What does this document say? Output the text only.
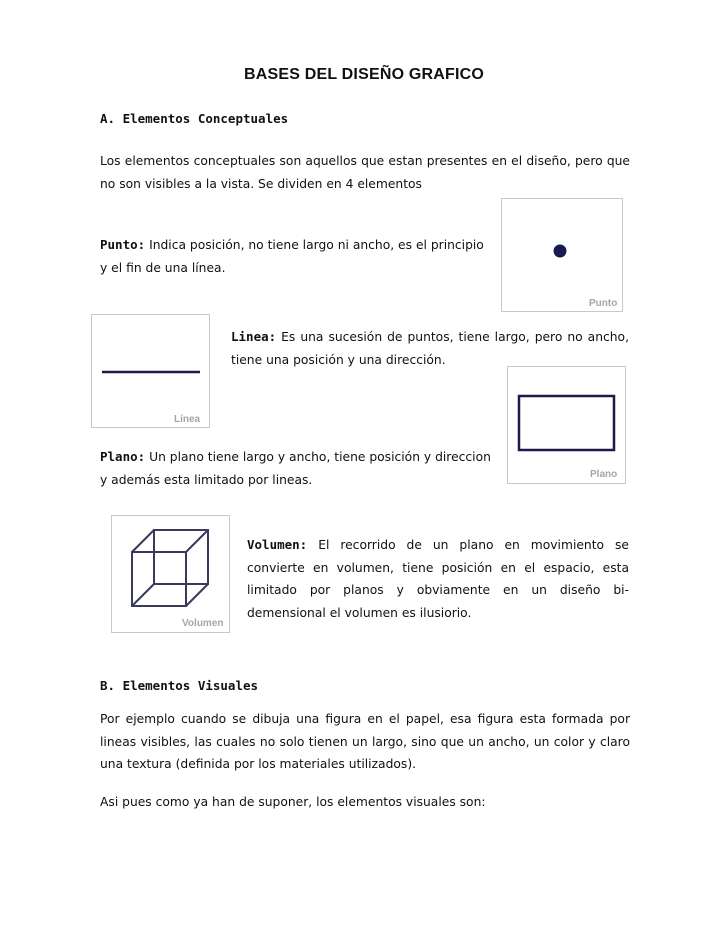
BASES DEL DISEÑO GRAFICO
A. Elementos Conceptuales
Los elementos conceptuales son aquellos que estan presentes en el diseño, pero que no son visibles a la vista. Se dividen en 4 elementos
Punto: Indica posición, no tiene largo ni ancho, es el principio y el fin de una línea.
Punto
Línea
Linea: Es una sucesión de puntos, tiene largo, pero no ancho, tiene una posición y una dirección.
Plano
Plano: Un plano tiene largo y ancho, tiene posición y direccion y además esta limitado por lineas.
Volumen
Volumen: El recorrido de un plano en movimiento se convierte en volumen, tiene posición en el espacio, esta limitado por planos y obviamente en un diseño bi-demensional el volumen es ilusiorio.
B. Elementos Visuales
Por ejemplo cuando se dibuja una figura en el papel, esa figura esta formada por lineas visibles, las cuales no solo tienen un largo, sino que un ancho, un color y claro una textura (definida por los materiales utilizados).
Asi pues como ya han de suponer, los elementos visuales son:
